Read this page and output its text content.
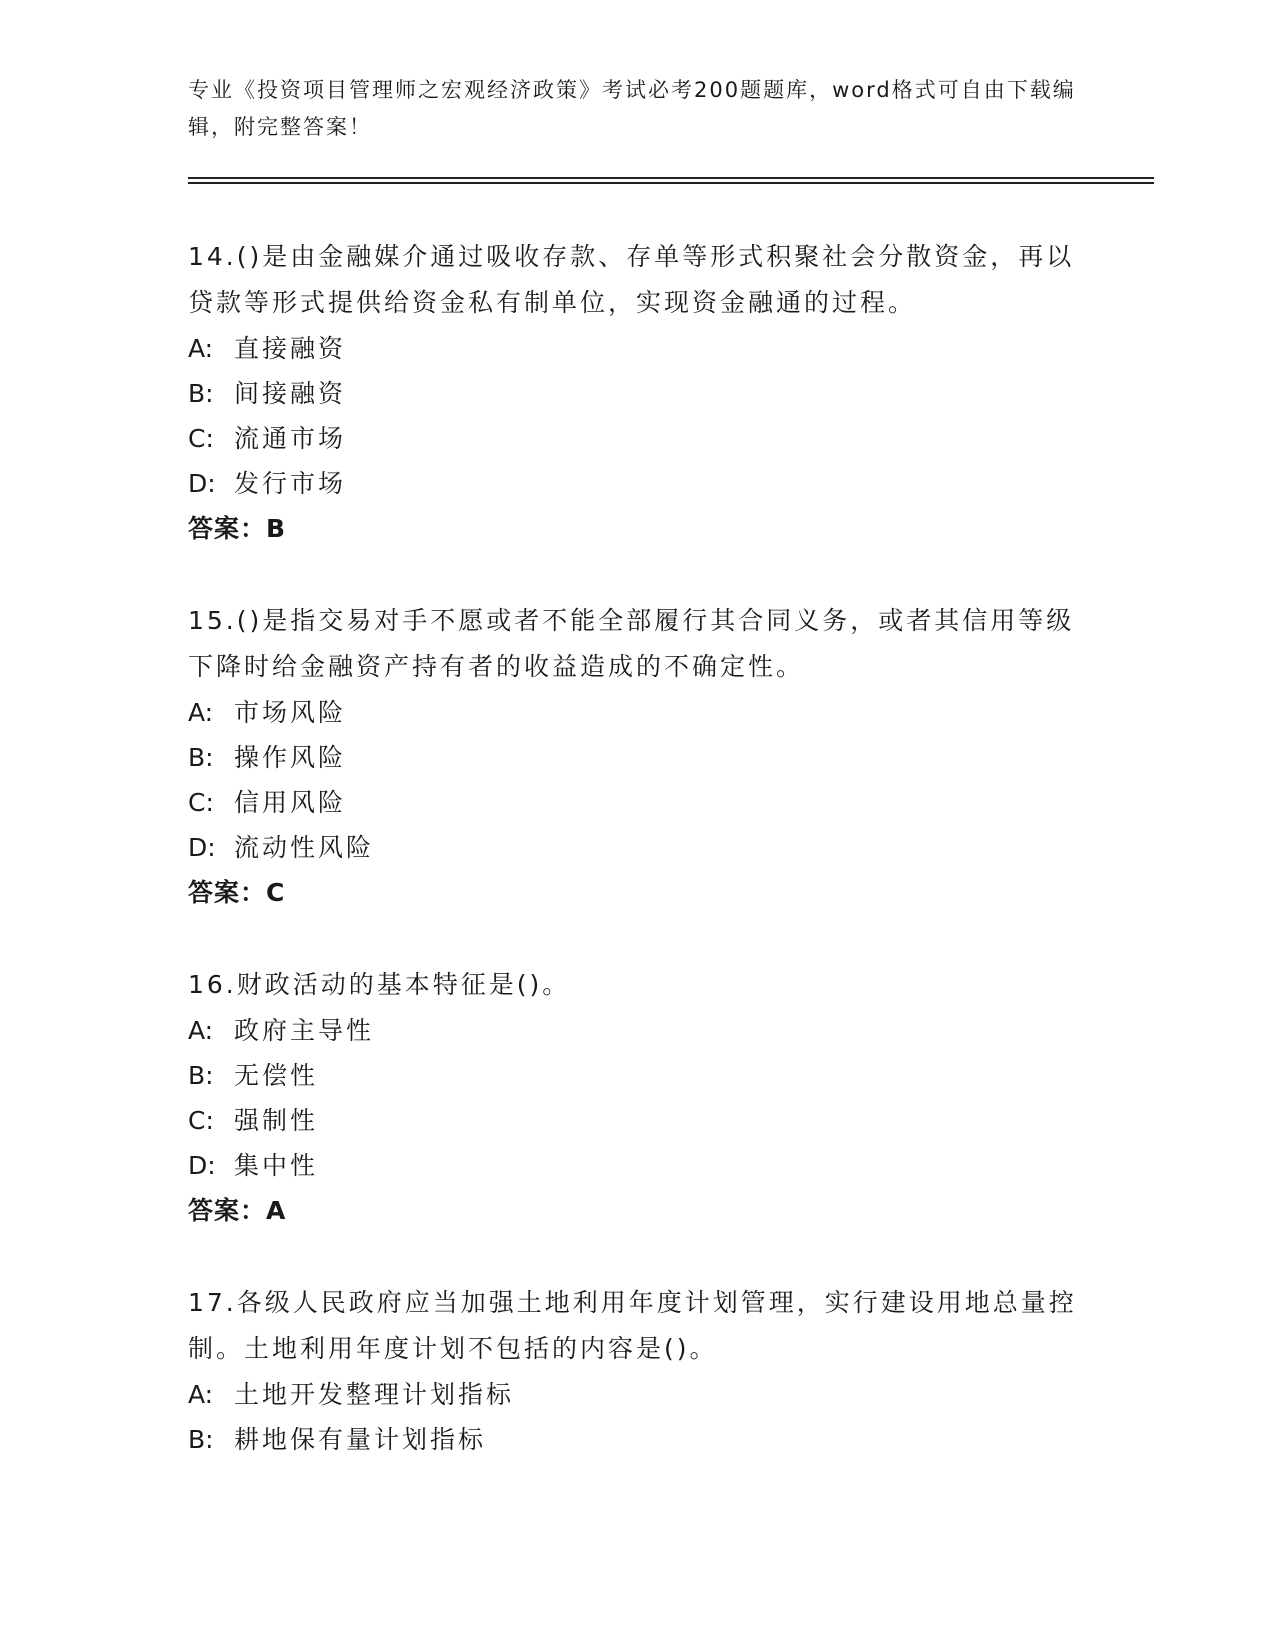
专业《投资项目管理师之宏观经济政策》考试必考200题题库，word格式可自由下载编辑，附完整答案！
14.()是由金融媒介通过吸收存款、存单等形式积聚社会分散资金，再以贷款等形式提供给资金私有制单位，实现资金融通的过程。
A: 直接融资
B: 间接融资
C: 流通市场
D: 发行市场
答案：B
15.()是指交易对手不愿或者不能全部履行其合同义务，或者其信用等级下降时给金融资产持有者的收益造成的不确定性。
A: 市场风险
B: 操作风险
C: 信用风险
D: 流动性风险
答案：C
16.财政活动的基本特征是()。
A: 政府主导性
B: 无偿性
C: 强制性
D: 集中性
答案：A
17.各级人民政府应当加强土地利用年度计划管理，实行建设用地总量控制。土地利用年度计划不包括的内容是()。
A: 土地开发整理计划指标
B: 耕地保有量计划指标
